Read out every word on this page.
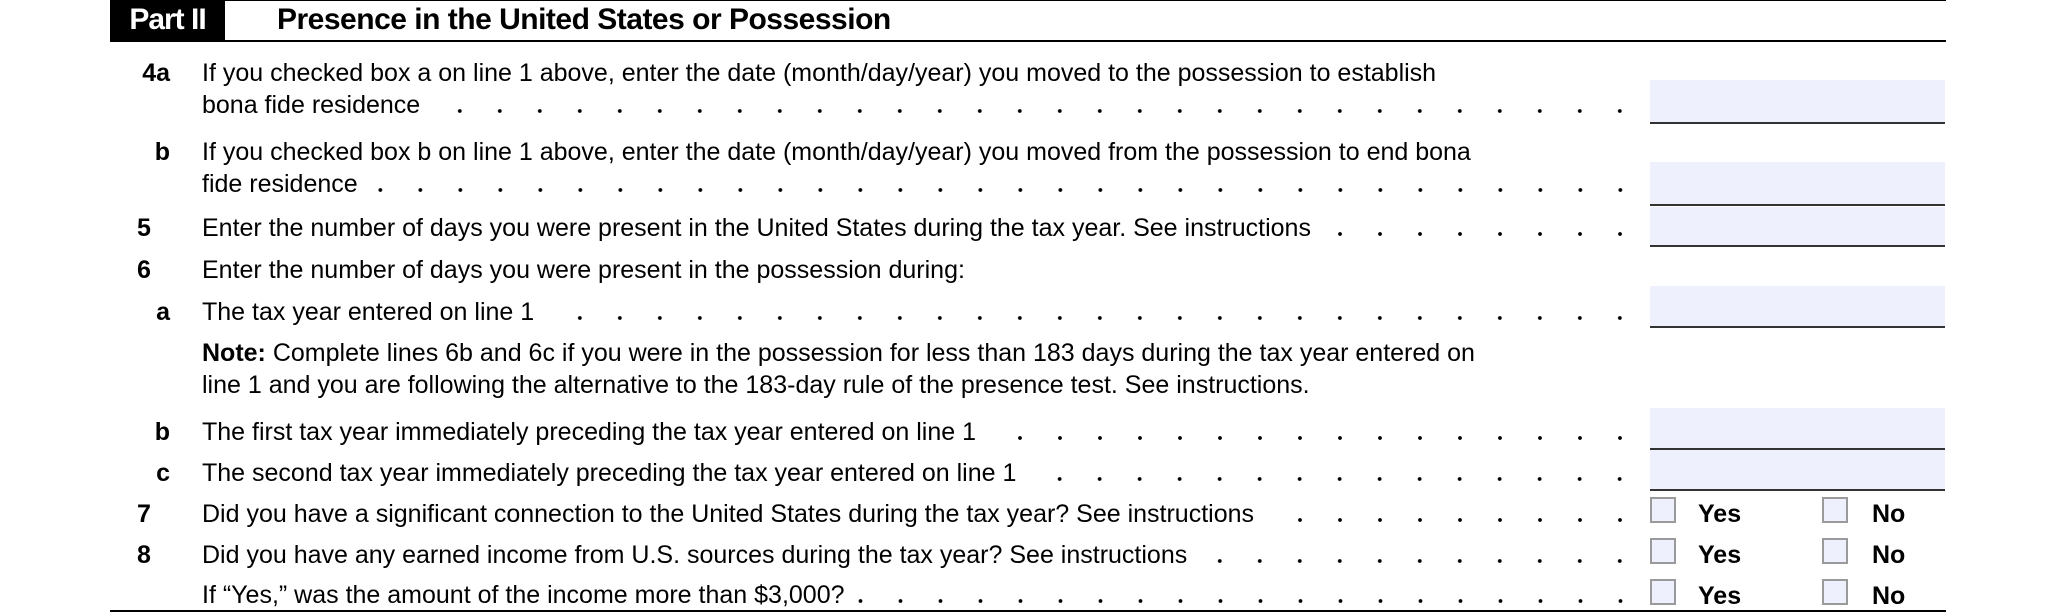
Part II	Presence in the United States or Possession
4a If you checked box a on line 1 above, enter the date (month/day/year) you moved to the possession to establish
bona fide residence
b If you checked box b on line 1 above, enter the date (month/day/year) you moved from the possession to end bona
fide residence
5 Enter the number of days you were present in the United States during the tax year. See instructions
6 Enter the number of days you were present in the possession during:
a The tax year entered on line 1
Note: Complete lines 6b and 6c if you were in the possession for less than 183 days during the tax year entered on
line 1 and you are following the alternative to the 183-day rule of the presence test. See instructions.
b The first tax year immediately preceding the tax year entered on line 1
c The second tax year immediately preceding the tax year entered on line 1
7 Did you have a significant connection to the United States during the tax year? See instructions	Yes	No
8 Did you have any earned income from U.S. sources during the tax year? See instructions	Yes	No
If “Yes,” was the amount of the income more than $3,000?	Yes	No
